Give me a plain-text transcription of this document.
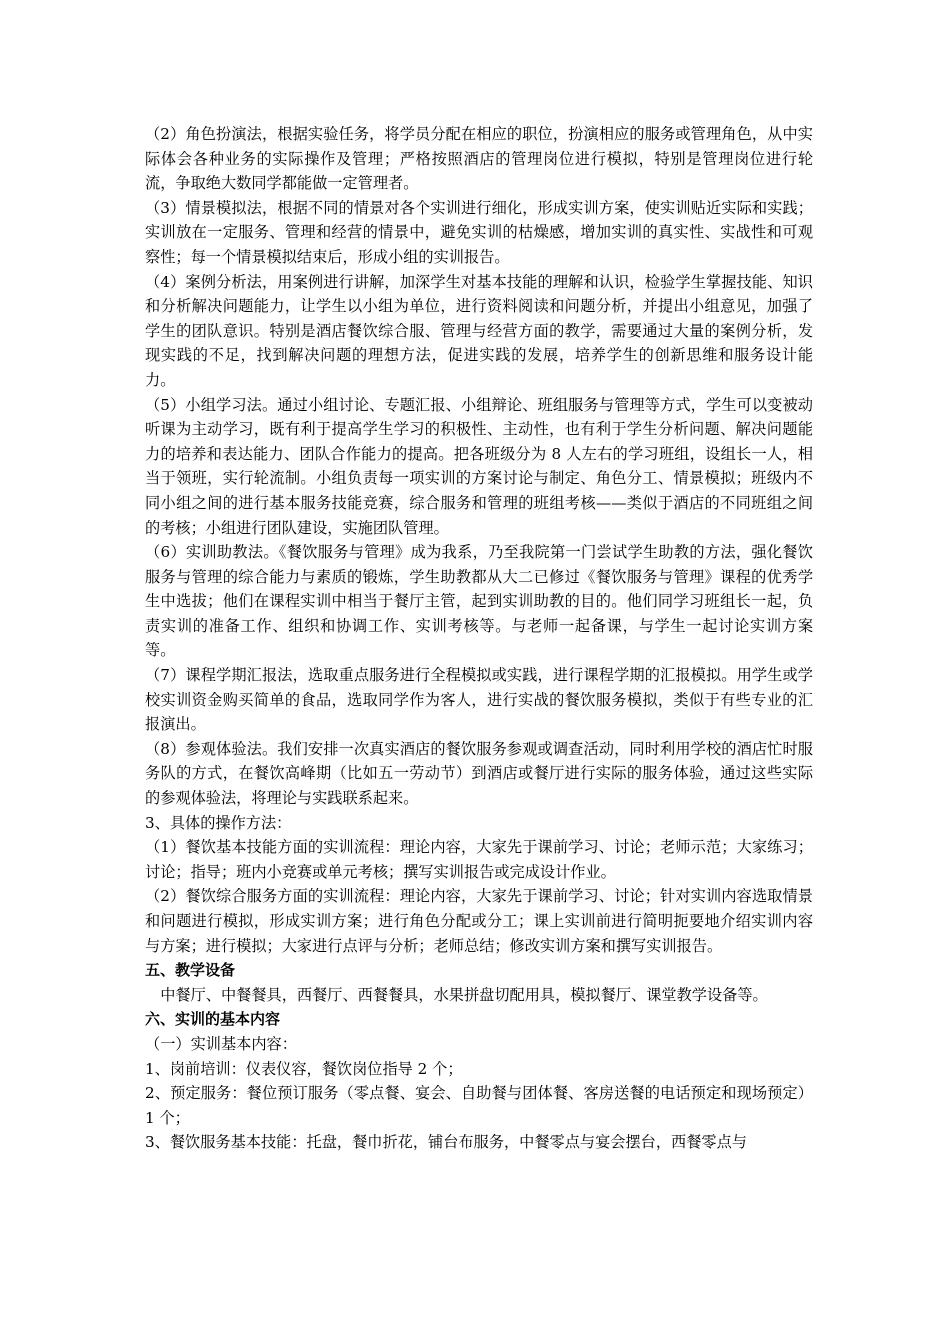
（2）角色扮演法，根据实验任务，将学员分配在相应的职位，扮演相应的服务或管理角色，从中实际体会各种业务的实际操作及管理；严格按照酒店的管理岗位进行模拟，特别是管理岗位进行轮流，争取绝大数同学都能做一定管理者。

（3）情景模拟法，根据不同的情景对各个实训进行细化，形成实训方案，使实训贴近实际和实践；实训放在一定服务、管理和经营的情景中，避免实训的枯燥感，增加实训的真实性、实战性和可观察性；每一个情景模拟结束后，形成小组的实训报告。

（4）案例分析法，用案例进行讲解，加深学生对基本技能的理解和认识，检验学生掌握技能、知识和分析解决问题能力，让学生以小组为单位，进行资料阅读和问题分析，并提出小组意见，加强了学生的团队意识。特别是酒店餐饮综合服、管理与经营方面的教学，需要通过大量的案例分析，发现实践的不足，找到解决问题的理想方法，促进实践的发展，培养学生的创新思维和服务设计能力。

（5）小组学习法。通过小组讨论、专题汇报、小组辩论、班组服务与管理等方式，学生可以变被动听课为主动学习，既有利于提高学生学习的积极性、主动性，也有利于学生分析问题、解决问题能力的培养和表达能力、团队合作能力的提高。把各班级分为 8 人左右的学习班组，设组长一人，相当于领班，实行轮流制。小组负责每一项实训的方案讨论与制定、角色分工、情景模拟；班级内不同小组之间的进行基本服务技能竞赛，综合服务和管理的班组考核——类似于酒店的不同班组之间的考核；小组进行团队建设，实施团队管理。

（6）实训助教法。《餐饮服务与管理》成为我系，乃至我院第一门尝试学生助教的方法，强化餐饮服务与管理的综合能力与素质的锻炼，学生助教都从大二已修过《餐饮服务与管理》课程的优秀学生中选拔；他们在课程实训中相当于餐厅主管，起到实训助教的目的。他们同学习班组长一起，负责实训的准备工作、组织和协调工作、实训考核等。与老师一起备课，与学生一起讨论实训方案等。

（7）课程学期汇报法，选取重点服务进行全程模拟或实践，进行课程学期的汇报模拟。用学生或学校实训资金购买简单的食品，选取同学作为客人，进行实战的餐饮服务模拟，类似于有些专业的汇报演出。

（8）参观体验法。我们安排一次真实酒店的餐饮服务参观或调查活动，同时利用学校的酒店忙时服务队的方式，在餐饮高峰期（比如五一劳动节）到酒店或餐厅进行实际的服务体验，通过这些实际的参观体验法，将理论与实践联系起来。

3、具体的操作方法：

（1）餐饮基本技能方面的实训流程：理论内容，大家先于课前学习、讨论；老师示范；大家练习；讨论；指导；班内小竞赛或单元考核；撰写实训报告或完成设计作业。

（2）餐饮综合服务方面的实训流程：理论内容，大家先于课前学习、讨论；针对实训内容选取情景和问题进行模拟，形成实训方案；进行角色分配或分工；课上实训前进行简明扼要地介绍实训内容与方案；进行模拟；大家进行点评与分析；老师总结；修改实训方案和撰写实训报告。

五、教学设备

中餐厅、中餐餐具，西餐厅、西餐餐具，水果拼盘切配用具，模拟餐厅、课堂教学设备等。

六、实训的基本内容

（一）实训基本内容：

1、岗前培训：仪表仪容，餐饮岗位指导 2 个；

2、预定服务：餐位预订服务（零点餐、宴会、自助餐与团体餐、客房送餐的电话预定和现场预定）1 个；

3、餐饮服务基本技能：托盘，餐巾折花，铺台布服务，中餐零点与宴会摆台，西餐零点与
